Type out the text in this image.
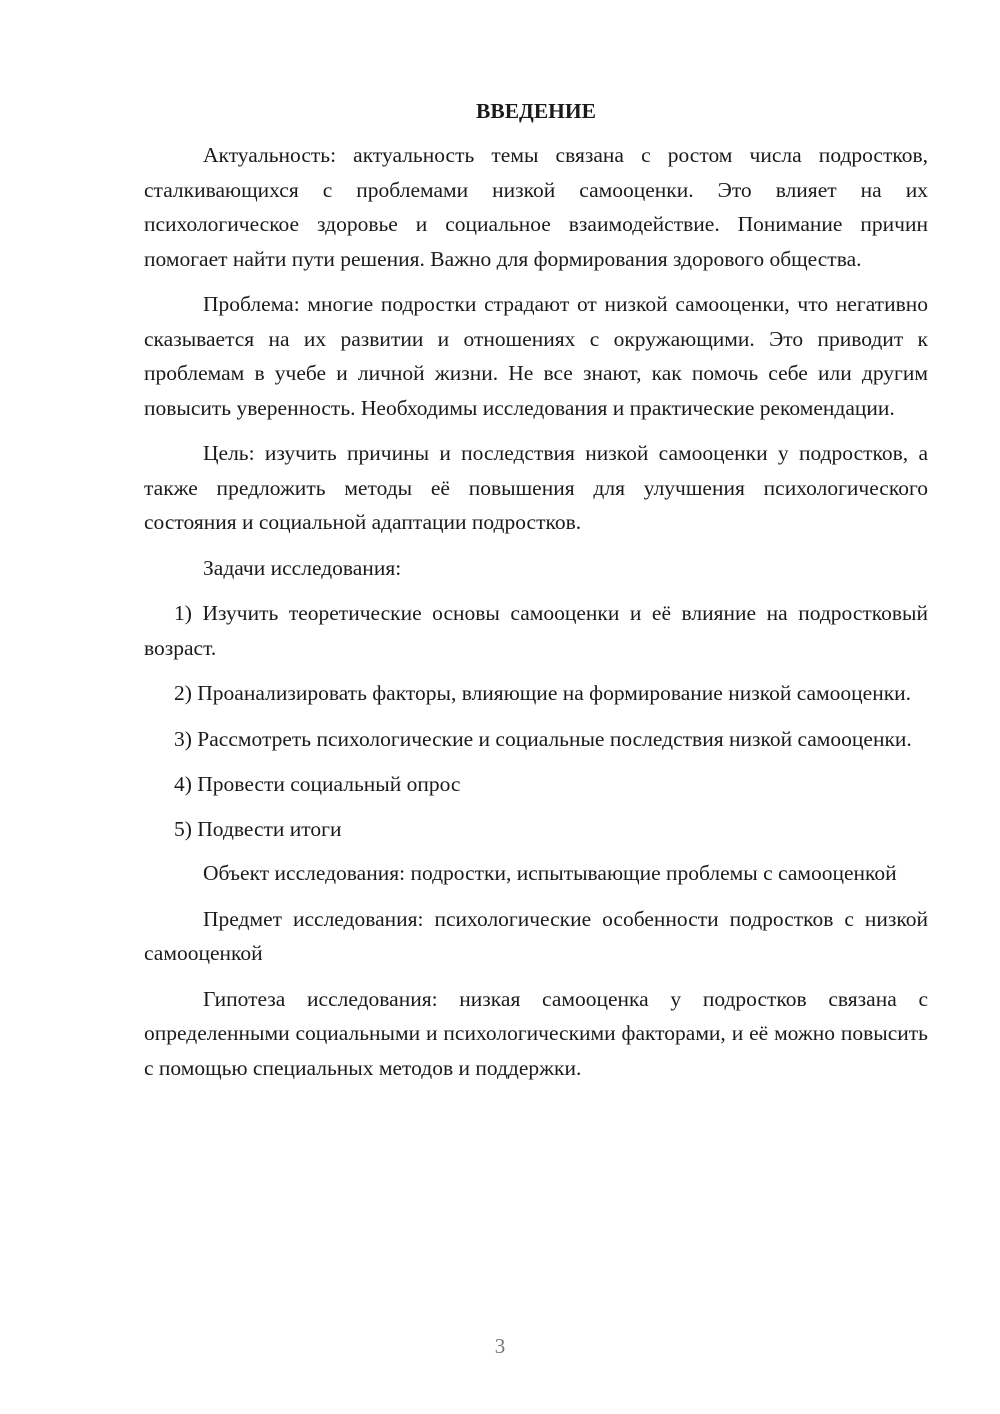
ВВЕДЕНИЕ

Актуальность: актуальность темы связана с ростом числа подростков, сталкивающихся с проблемами низкой самооценки. Это влияет на их психологическое здоровье и социальное взаимодействие. Понимание причин помогает найти пути решения. Важно для формирования здорового общества.

Проблема: многие подростки страдают от низкой самооценки, что негативно сказывается на их развитии и отношениях с окружающими. Это приводит к проблемам в учебе и личной жизни. Не все знают, как помочь себе или другим повысить уверенность. Необходимы исследования и практические рекомендации.

Цель: изучить причины и последствия низкой самооценки у подростков, а также предложить методы её повышения для улучшения психологического состояния и социальной адаптации подростков.

Задачи исследования:

1) Изучить теоретические основы самооценки и её влияние на подростковый возраст.

2) Проанализировать факторы, влияющие на формирование низкой самооценки.

3) Рассмотреть психологические и социальные последствия низкой самооценки.

4) Провести социальный опрос

5) Подвести итоги

Объект исследования: подростки, испытывающие проблемы с самооценкой

Предмет исследования: психологические особенности подростков с низкой самооценкой

Гипотеза исследования: низкая самооценка у подростков связана с определенными социальными и психологическими факторами, и её можно повысить с помощью специальных методов и поддержки.

3
